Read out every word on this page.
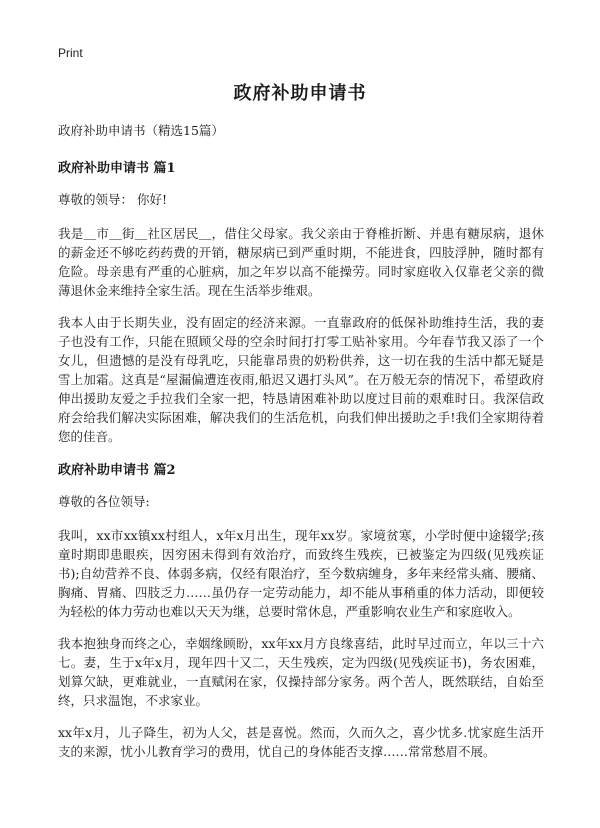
Print
政府补助申请书

政府补助申请书（精选15篇）

政府补助申请书 篇1

尊敬的领导： 你好!

我是＿市＿街＿社区居民＿，借住父母家。我父亲由于脊椎折断、并患有糖尿病，退休的薪金还不够吃药药费的开销，糖尿病已到严重时期，不能进食，四肢浮肿，随时都有危险。母亲患有严重的心脏病，加之年岁以高不能操劳。同时家庭收入仅靠老父亲的微薄退休金来维持全家生活。现在生活举步维艰。

我本人由于长期失业，没有固定的经济来源。一直靠政府的低保补助维持生活，我的妻子也没有工作，只能在照顾父母的空余时间打打零工贴补家用。今年春节我又添了一个女儿，但遗憾的是没有母乳吃，只能靠昂贵的奶粉供养，这一切在我的生活中都无疑是雪上加霜。这真是“屋漏偏遭连夜雨,船迟又遇打头风”。在万般无奈的情况下，希望政府伸出援助友爱之手拉我们全家一把，特恳请困难补助以度过目前的艰难时日。我深信政府会给我们解决实际困难，解决我们的生活危机，向我们伸出援助之手!我们全家期待着您的佳音。

政府补助申请书 篇2

尊敬的各位领导:

我叫，xx市xx镇xx村组人，x年x月出生，现年xx岁。家境贫寒，小学时便中途辍学;孩童时期即患眼疾，因穷困未得到有效治疗，而致终生残疾，已被鉴定为四级(见残疾证书);自幼营养不良、体弱多病，仅经有限治疗，至今数病缠身，多年来经常头痛、腰痛、胸痛、胃痛、四肢乏力……虽仍存一定劳动能力，却不能从事稍重的体力活动，即便较为轻松的体力劳动也难以天天为继，总要时常休息，严重影响农业生产和家庭收入。

我本抱独身而终之心，幸姻缘顾盼，xx年xx月方良缘喜结，此时早过而立，年以三十六七。妻，生于x年x月，现年四十又二，天生残疾，定为四级(见残疾证书)，务农困难，划算欠缺，更难就业，一直赋闲在家，仅操持部分家务。两个苦人，既然联结，自始至终，只求温饱，不求家业。

xx年x月，儿子降生，初为人父，甚是喜悦。然而，久而久之，喜少忧多.忧家庭生活开支的来源，忧小儿教育学习的费用，忧自己的身体能否支撑……常常愁眉不展。
